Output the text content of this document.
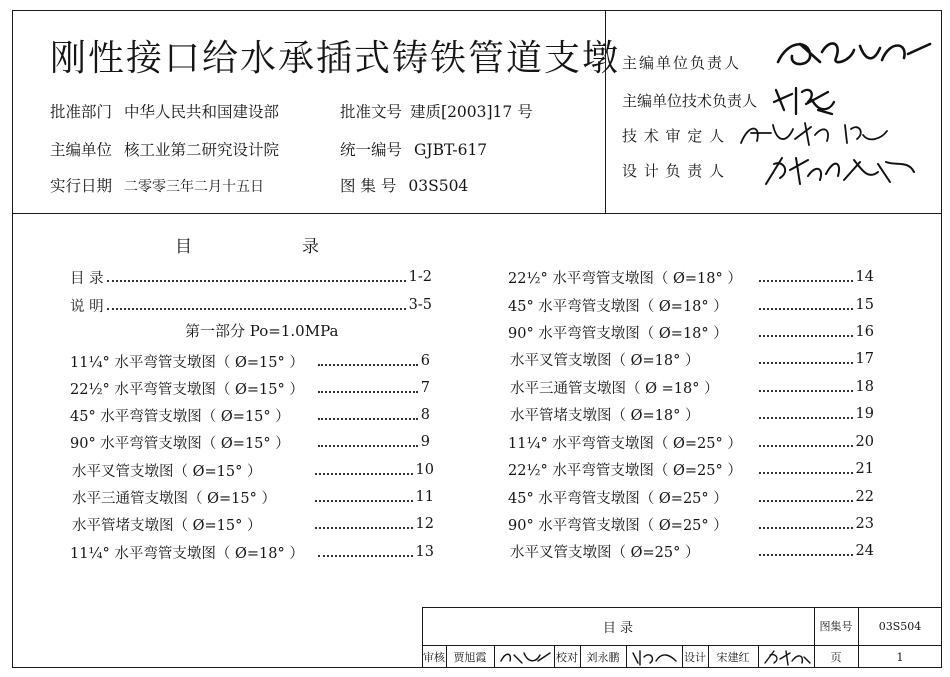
刚性接口给水承插式铸铁管道支墩
批准部门 中华人民共和国建设部	批准文号 建质[2003]17 号
主编单位 核工业第二研究设计院	统一编号 GJBT-617
实行日期 二零零三年二月十五日	图 集 号 03S504
主编单位负责人
主编单位技术负责人
技 术 审 定 人
设 计 负 责 人
目	录
目 录	1-2
说 明	3-5
第一部分 Po=1.0MPa
11¼° 水平弯管支墩图（ Ø=15° ）	6
22½° 水平弯管支墩图（ Ø=15° ）	7
45° 水平弯管支墩图（ Ø=15° ）	8
90° 水平弯管支墩图（ Ø=15° ）	9
水平叉管支墩图（ Ø=15° ）	10
水平三通管支墩图（ Ø=15° ）	11
水平管堵支墩图（ Ø=15° ）	12
11¼° 水平弯管支墩图（ Ø=18° ）	13
22½° 水平弯管支墩图（ Ø=18° ）	14
45° 水平弯管支墩图（ Ø=18° ）	15
90° 水平弯管支墩图（ Ø=18° ）	16
水平叉管支墩图（ Ø=18° ）	17
水平三通管支墩图（ Ø =18° ）	18
水平管堵支墩图（ Ø=18° ）	19
11¼° 水平弯管支墩图（ Ø=25° ）	20
22½° 水平弯管支墩图（ Ø=25° ）	21
45° 水平弯管支墩图（ Ø=25° ）	22
90° 水平弯管支墩图（ Ø=25° ）	23
水平叉管支墩图（ Ø=25° ）	24
目 录	图集号	03S504
审核 贾旭霞	校对 刘永鹏	设计 宋建红	页	1
